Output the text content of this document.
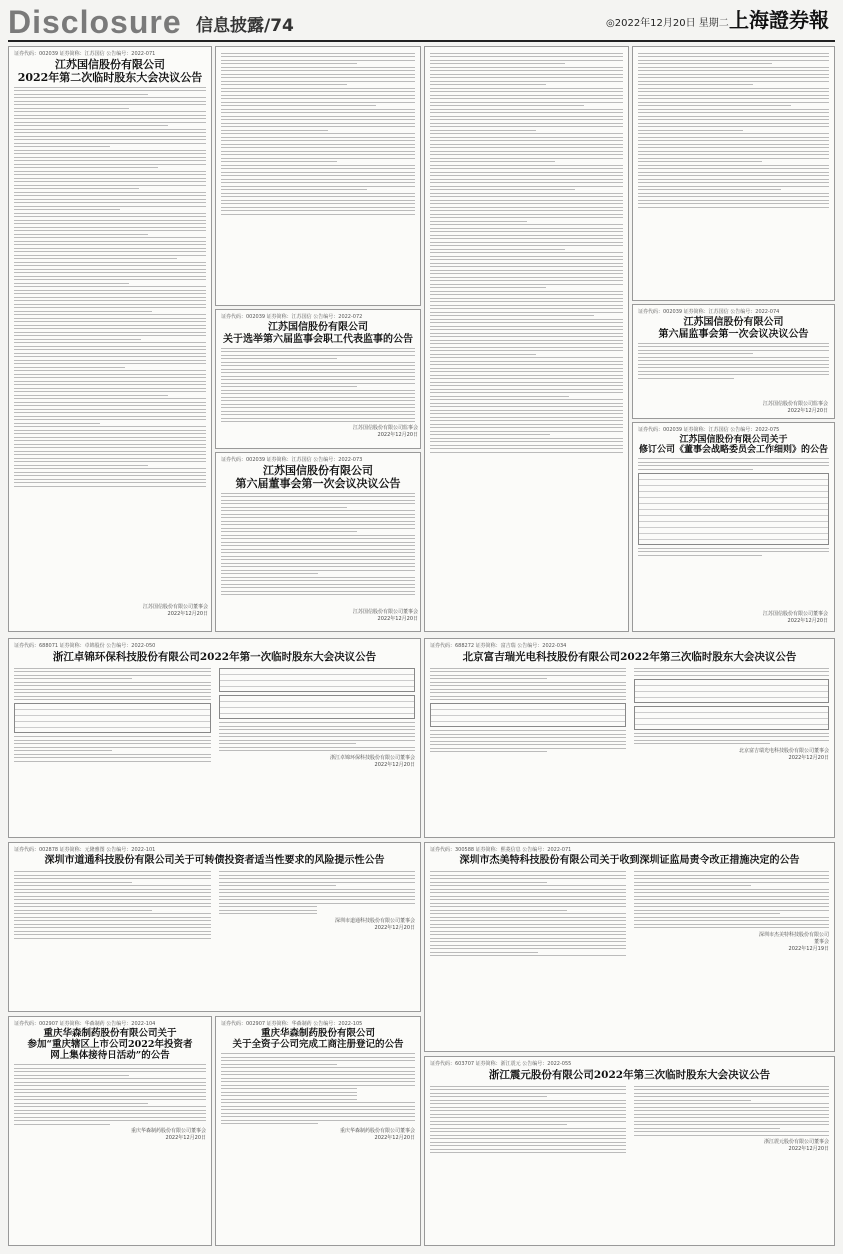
Disclosure 信息披露/74	◎2022年12月20日 星期二 上海證券報
证券代码：002039 证券简称：江苏国信 公告编号：2022-071
江苏国信股份有限公司
2022年第二次临时股东大会决议公告
证券代码：002039 证券简称：江苏国信 公告编号：2022-072
江苏国信股份有限公司
关于选举第六届监事会职工代表监事的公告
证券代码：002039 证券简称：江苏国信 公告编号：2022-073
江苏国信股份有限公司
第六届董事会第一次会议决议公告
证券代码：002039 证券简称：江苏国信 公告编号：2022-074
江苏国信股份有限公司
第六届监事会第一次会议决议公告
证券代码：002039 证券简称：江苏国信 公告编号：2022-075
江苏国信股份有限公司关于
修订公司《董事会战略委员会工作细则》的公告
证券代码：688071 证券简称：卓锦股份 公告编号：2022-050
浙江卓锦环保科技股份有限公司2022年第一次临时股东大会决议公告
浙江卓锦环保科技股份有限公司董事会
2022年12月20日
证券代码：688272 证券简称：富吉瑞 公告编号：2022-034
北京富吉瑞光电科技股份有限公司2022年第三次临时股东大会决议公告
北京富吉瑞光电科技股份有限公司董事会
2022年12月20日
证券代码：002878 证券简称：元隆雅图 公告编号：2022-101
深圳市道通科技股份有限公司关于可转债投资者适当性要求的风险提示性公告
深圳市道通科技股份有限公司董事会
2022年12月20日
证券代码：300588 证券简称：熙菱信息 公告编号：2022-071
深圳市杰美特科技股份有限公司关于收到深圳证监局责令改正措施决定的公告
深圳市杰美特科技股份有限公司
董事会
2022年12月19日
证券代码：002907 证券简称：华森制药 公告编号：2022-104
重庆华森制药股份有限公司关于
参加“重庆辖区上市公司2022年投资者
网上集体接待日活动”的公告
重庆华森制药股份有限公司董事会
2022年12月20日
证券代码：002907 证券简称：华森制药 公告编号：2022-105
重庆华森制药股份有限公司
关于全资子公司完成工商注册登记的公告
重庆华森制药股份有限公司董事会
2022年12月20日
证券代码：603707 证券简称：浙江震元 公告编号：2022-055
浙江震元股份有限公司2022年第三次临时股东大会决议公告
浙江震元股份有限公司董事会
2022年12月20日
江苏国信股份有限公司董事会
2022年12月20日
江苏国信股份有限公司监事会
2022年12月20日
江苏国信股份有限公司董事会
2022年12月20日
江苏国信股份有限公司监事会
2022年12月20日
江苏国信股份有限公司董事会
2022年12月20日
